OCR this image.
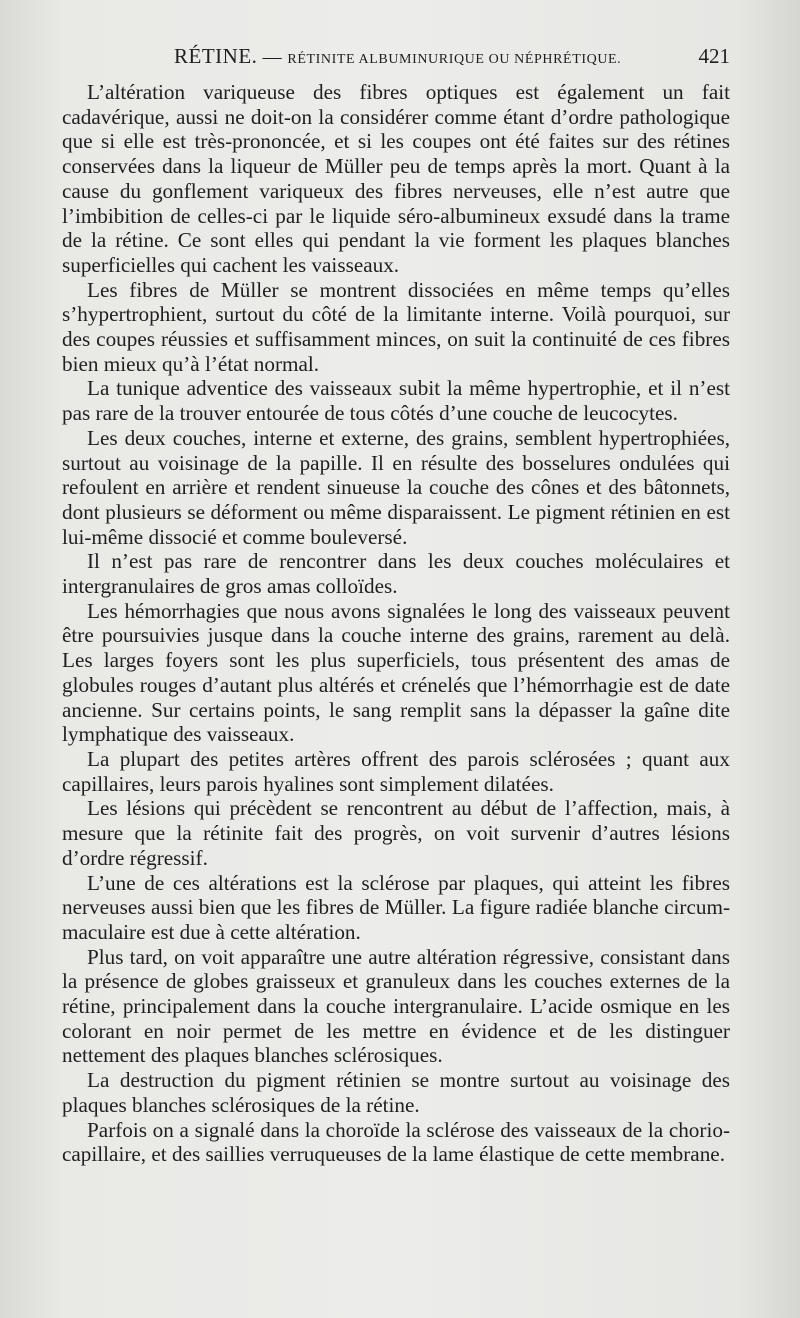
RÉTINE. — RÉTINITE ALBUMINURIQUE OU NÉPHRÉTIQUE.	421

L’altération variqueuse des fibres optiques est également un fait cadavérique, aussi ne doit-on la considérer comme étant d’ordre pathologique que si elle est très-prononcée, et si les coupes ont été faites sur des rétines conservées dans la liqueur de Müller peu de temps après la mort. Quant à la cause du gonflement variqueux des fibres nerveuses, elle n’est autre que l’imbibition de celles-ci par le liquide séro-albumineux exsudé dans la trame de la rétine. Ce sont elles qui pendant la vie forment les plaques blanches superficielles qui cachent les vaisseaux.

Les fibres de Müller se montrent dissociées en même temps qu’elles s’hypertrophient, surtout du côté de la limitante interne. Voilà pourquoi, sur des coupes réussies et suffisamment minces, on suit la continuité de ces fibres bien mieux qu’à l’état normal.

La tunique adventice des vaisseaux subit la même hypertrophie, et il n’est pas rare de la trouver entourée de tous côtés d’une couche de leucocytes.

Les deux couches, interne et externe, des grains, semblent hypertrophiées, surtout au voisinage de la papille. Il en résulte des bosselures ondulées qui refoulent en arrière et rendent sinueuse la couche des cônes et des bâtonnets, dont plusieurs se déforment ou même disparaissent. Le pigment rétinien en est lui-même dissocié et comme bouleversé.

Il n’est pas rare de rencontrer dans les deux couches moléculaires et intergranulaires de gros amas colloïdes.

Les hémorrhagies que nous avons signalées le long des vaisseaux peuvent être poursuivies jusque dans la couche interne des grains, rarement au delà. Les larges foyers sont les plus superficiels, tous présentent des amas de globules rouges d’autant plus altérés et crénelés que l’hémorrhagie est de date ancienne. Sur certains points, le sang remplit sans la dépasser la gaîne dite lymphatique des vaisseaux.

La plupart des petites artères offrent des parois sclérosées ; quant aux capillaires, leurs parois hyalines sont simplement dilatées.

Les lésions qui précèdent se rencontrent au début de l’affection, mais, à mesure que la rétinite fait des progrès, on voit survenir d’autres lésions d’ordre régressif.

L’une de ces altérations est la sclérose par plaques, qui atteint les fibres nerveuses aussi bien que les fibres de Müller. La figure radiée blanche circum-maculaire est due à cette altération.

Plus tard, on voit apparaître une autre altération régressive, consistant dans la présence de globes graisseux et granuleux dans les couches externes de la rétine, principalement dans la couche intergranulaire. L’acide osmique en les colorant en noir permet de les mettre en évidence et de les distinguer nettement des plaques blanches sclérosiques.

La destruction du pigment rétinien se montre surtout au voisinage des plaques blanches sclérosiques de la rétine.

Parfois on a signalé dans la choroïde la sclérose des vaisseaux de la chorio-capillaire, et des saillies verruqueuses de la lame élastique de cette membrane.
